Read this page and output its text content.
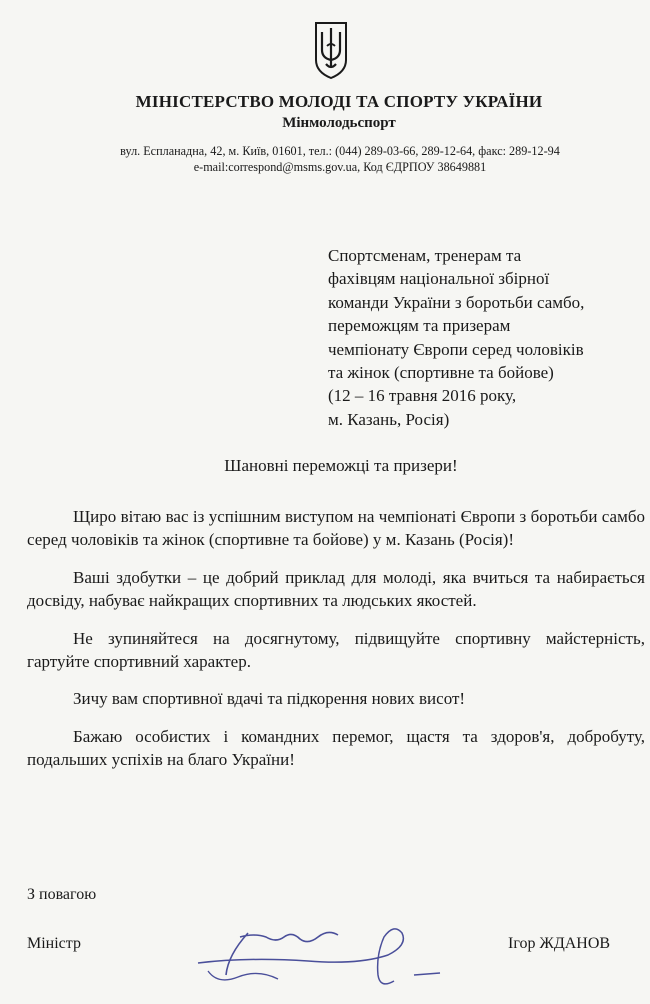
МІНІСТЕРСТВО МОЛОДІ ТА СПОРТУ УКРАЇНИ
Мінмолодьспорт
вул. Еспланадна, 42, м. Київ, 01601, тел.: (044) 289-03-66, 289-12-64, факс: 289-12-94
e-mail:correspond@msms.gov.ua, Код ЄДРПОУ 38649881
Спортсменам, тренерам та
фахівцям національної збірної
команди України з боротьби самбо,
переможцям та призерам
чемпіонату Європи серед чоловіків
та жінок (спортивне та бойове)
(12 – 16 травня 2016 року,
м. Казань, Росія)
Шановні переможці та призери!

Щиро вітаю вас із успішним виступом на чемпіонаті Європи з боротьби самбо серед чоловіків та жінок (спортивне та бойове) у м. Казань (Росія)!

Ваші здобутки – це добрий приклад для молоді, яка вчиться та набирається досвіду, набуває найкращих спортивних та людських якостей.

Не зупиняйтеся на досягнутому, підвищуйте спортивну майстерність, гартуйте спортивний характер.

Зичу вам спортивної вдачі та підкорення нових висот!

Бажаю особистих і командних перемог, щастя та здоров'я, добробуту, подальших успіхів на благо України!

З повагою
Міністр	Ігор ЖДАНОВ
